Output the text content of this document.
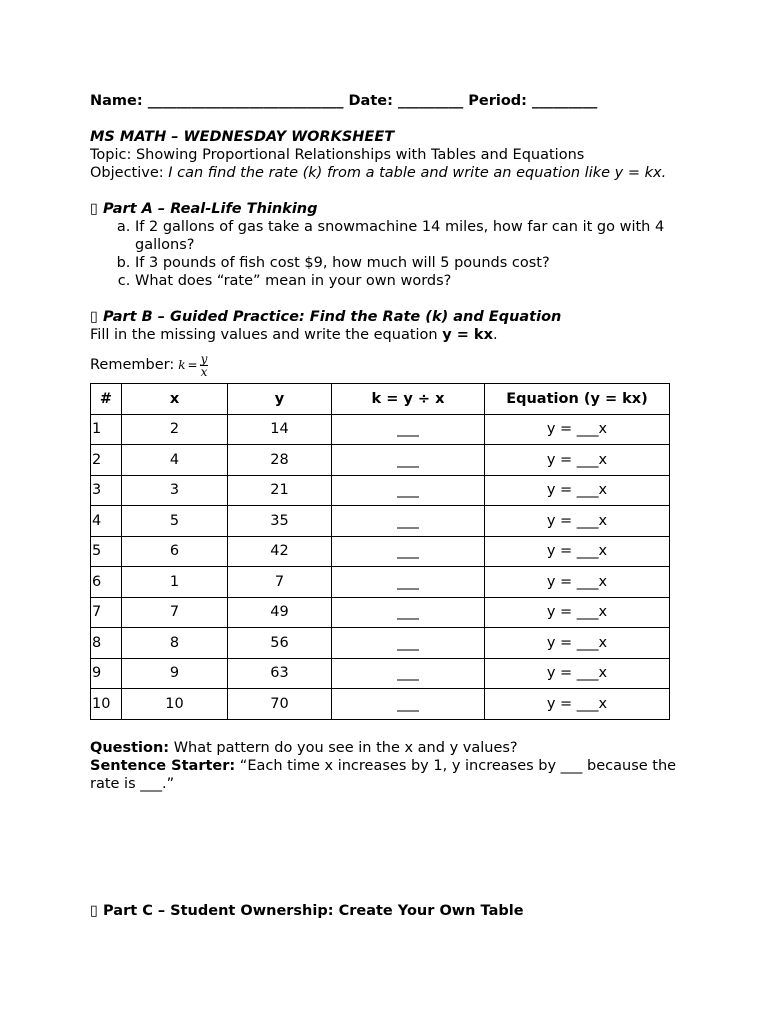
Name: ___________________________ Date: _________ Period: _________

MS MATH – WEDNESDAY WORKSHEET

Topic: Showing Proportional Relationships with Tables and Equations

Objective: I can find the rate (k) from a table and write an equation like y = kx.

▯ Part A – Real-Life Thinking

a. If 2 gallons of gas take a snowmachine 14 miles, how far can it go with 4 gallons?
b. If 3 pounds of fish cost $9, how much will 5 pounds cost?
c. What does “rate” mean in your own words?

▯ Part B – Guided Practice: Find the Rate (k) and Equation

Fill in the missing values and write the equation y = kx.

Remember: $k = \frac{y}{x}$
#	x	y	k = y ÷ x	Equation (y = kx)
1	2	14	___	y = ___x
2	4	28	___	y = ___x
3	3	21	___	y = ___x
4	5	35	___	y = ___x
5	6	42	___	y = ___x
6	1	7	___	y = ___x
7	7	49	___	y = ___x
8	8	56	___	y = ___x
9	9	63	___	y = ___x
10	10	70	___	y = ___x

Question: What pattern do you see in the x and y values?

Sentence Starter: “Each time x increases by 1, y increases by ___ because the rate is ___.”

▯ Part C – Student Ownership: Create Your Own Table
